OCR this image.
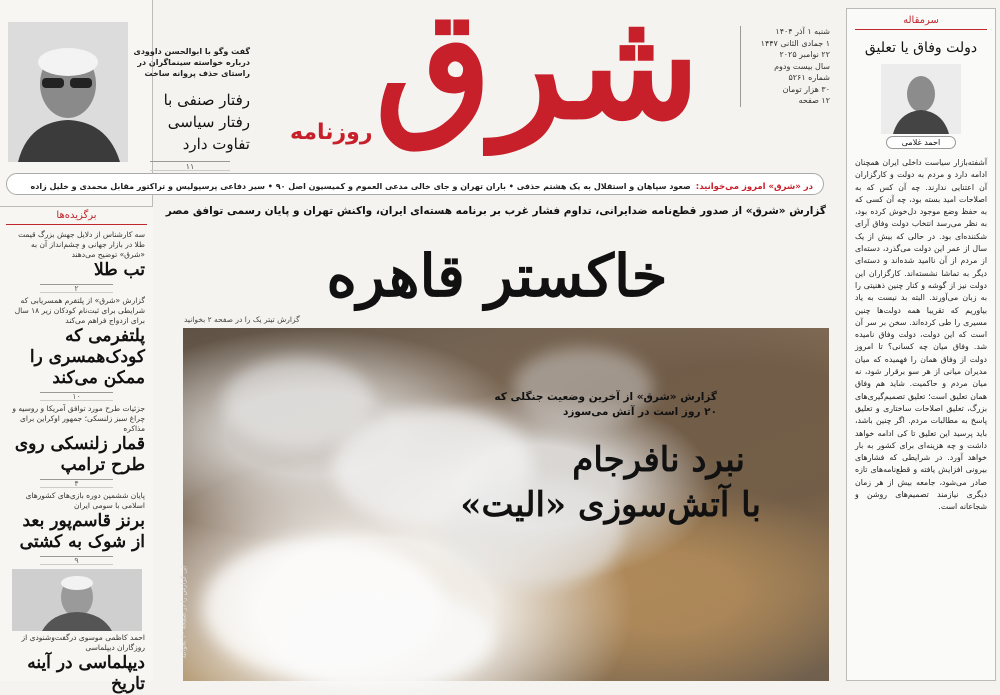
گفت وگو با ابوالحسن داوودی درباره خواسته سینماگران در راستای حذف پروانه ساخت
رفتار صنفی با رفتار سیاسی تفاوت دارد
۱۱
شرق
روزنامه
شنبه ۱ آذر ۱۴۰۴
۱ جمادی الثانی ۱۴۴۷
۲۲ نوامبر ۲۰۲۵
سال بیست ودوم
شماره ۵۲۶۱
۳۰ هزار تومان
۱۲ صفحه
در «شرق» امروز می‌خوانید: صعود سپاهان و استقلال به یک هشتم حذفی • باران تهران و جای خالی مدعی العموم و کمیسیون اصل ۹۰ • سیر دفاعی پرسپولیس و تراکتور مقابل محمدی و خلیل زاده
برگزیده‌ها
سه کارشناس از دلایل جهش بزرگ قیمت طلا در بازار جهانی و چشم‌انداز آن به «شرق» توضیح می‌دهند
تب طلا
۲
گزارش «شرق» از پلتفرم همسریابی که شرایطی برای ثبت‌نام کودکان زیر ۱۸ سال برای ازدواج فراهم می‌کند
پلتفرمی که کودک‌همسری را ممکن می‌کند
۱۰
جزئیات طرح مورد توافق آمریکا و روسیه و چراغ سبز زلنسکی؛ جمهور اوکراین برای مذاکره
قمار زلنسکی روی طرح ترامپ
۴
پایان ششمین دوره بازی‌های کشورهای اسلامی با سومی ایران
برنز قاسم‌پور بعد از شوک به کشتی
۹
احمد کاظمی موسوی درگفت‌وشنودی از روزگاران دیپلماسی
دیپلماسی در آینه تاریخ
گزارش «شرق» از صدور قطع‌نامه ضدایرانی، تداوم فشار غرب بر برنامه هسته‌ای ایران، واکنش تهران و پایان رسمی توافق مصر
خاکستر قاهره
گزارش تیتر یک را در صفحه ۲ بخوانید
گزارش «شرق» از آخرین وضعیت جنگلی که ۲۰ روز است در آتش می‌سوزد
نبرد نافرجام
با آتش‌سوزی «الیت»
این گزارش را در صفحه ۱۰ بخوانید
سرمقاله
دولت وفاق یا تعلیق
احمد غلامی
آشفته‌بازار سیاست داخلی ایران همچنان ادامه دارد و مردم به دولت و کارگزاران آن اعتنایی ندارند. چه آن کس که به اصلاحات امید بسته بود، چه آن کسی که به حفظ وضع موجود دل‌خوش کرده بود، به نظر می‌رسد انتخاب دولت وفاق آرای شکننده‌ای بود. در حالی که بیش از یک سال از عمر این دولت می‌گذرد، دسته‌ای از مردم از آن ناامید شده‌اند و دسته‌ای دیگر به تماشا نشسته‌اند. کارگزاران این دولت نیز از گوشه و کنار چنین ذهنیتی را به زبان می‌آورند. البته بد نیست به یاد بیاوریم که تقریبا همه دولت‌ها چنین مسیری را طی کرده‌اند. سخن بر سر آن است که این دولت، دولت وفاق نامیده شد. وفاق میان چه کسانی؟ تا امروز دولت از وفاق همان را فهمیده که میان مدیران میانی از هر سو برقرار شود، نه میان مردم و حاکمیت. شاید هم وفاق همان تعلیق است؛ تعلیق تصمیم‌گیری‌های بزرگ، تعلیق اصلاحات ساختاری و تعلیق پاسخ به مطالبات مردم. اگر چنین باشد، باید پرسید این تعلیق تا کی ادامه خواهد داشت و چه هزینه‌ای برای کشور به بار خواهد آورد. در شرایطی که فشارهای بیرونی افزایش یافته و قطع‌نامه‌های تازه صادر می‌شود، جامعه بیش از هر زمان دیگری نیازمند تصمیم‌های روشن و شجاعانه است.
